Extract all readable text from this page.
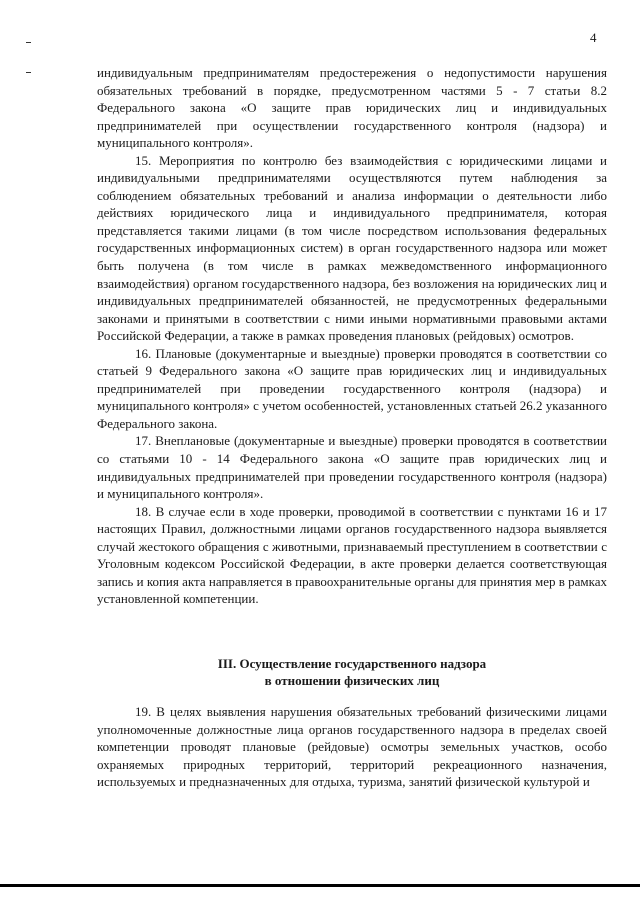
4

индивидуальным предпринимателям предостережения о недопустимости нарушения обязательных требований в порядке, предусмотренном частями 5 - 7 статьи 8.2 Федерального закона «О защите прав юридических лиц и индивидуальных предпринимателей при осуществлении государственного контроля (надзора) и муниципального контроля».

15. Мероприятия по контролю без взаимодействия с юридическими лицами и индивидуальными предпринимателями осуществляются путем наблюдения за соблюдением обязательных требований и анализа информации о деятельности либо действиях юридического лица и индивидуального предпринимателя, которая представляется такими лицами (в том числе посредством использования федеральных государственных информационных систем) в орган государственного надзора или может быть получена (в том числе в рамках межведомственного информационного взаимодействия) органом государственного надзора, без возложения на юридических лиц и индивидуальных предпринимателей обязанностей, не предусмотренных федеральными законами и принятыми в соответствии с ними иными нормативными правовыми актами Российской Федерации, а также в рамках проведения плановых (рейдовых) осмотров.

16. Плановые (документарные и выездные) проверки проводятся в соответствии со статьей 9 Федерального закона «О защите прав юридических лиц и индивидуальных предпринимателей при проведении государственного контроля (надзора) и муниципального контроля» с учетом особенностей, установленных статьей 26.2 указанного Федерального закона.

17. Внеплановые (документарные и выездные) проверки проводятся в соответствии со статьями 10 - 14 Федерального закона «О защите прав юридических лиц и индивидуальных предпринимателей при проведении государственного контроля (надзора) и муниципального контроля».

18. В случае если в ходе проверки, проводимой в соответствии с пунктами 16 и 17 настоящих Правил, должностными лицами органов государственного надзора выявляется случай жестокого обращения с животными, признаваемый преступлением в соответствии с Уголовным кодексом Российской Федерации, в акте проверки делается соответствующая запись и копия акта направляется в правоохранительные органы для принятия мер в рамках установленной компетенции.

III. Осуществление государственного надзора
в отношении физических лиц

19. В целях выявления нарушения обязательных требований физическими лицами уполномоченные должностные лица органов государственного надзора в пределах своей компетенции проводят плановые (рейдовые) осмотры земельных участков, особо охраняемых природных территорий, территорий рекреационного назначения, используемых и предназначенных для отдыха, туризма, занятий физической культурой и
